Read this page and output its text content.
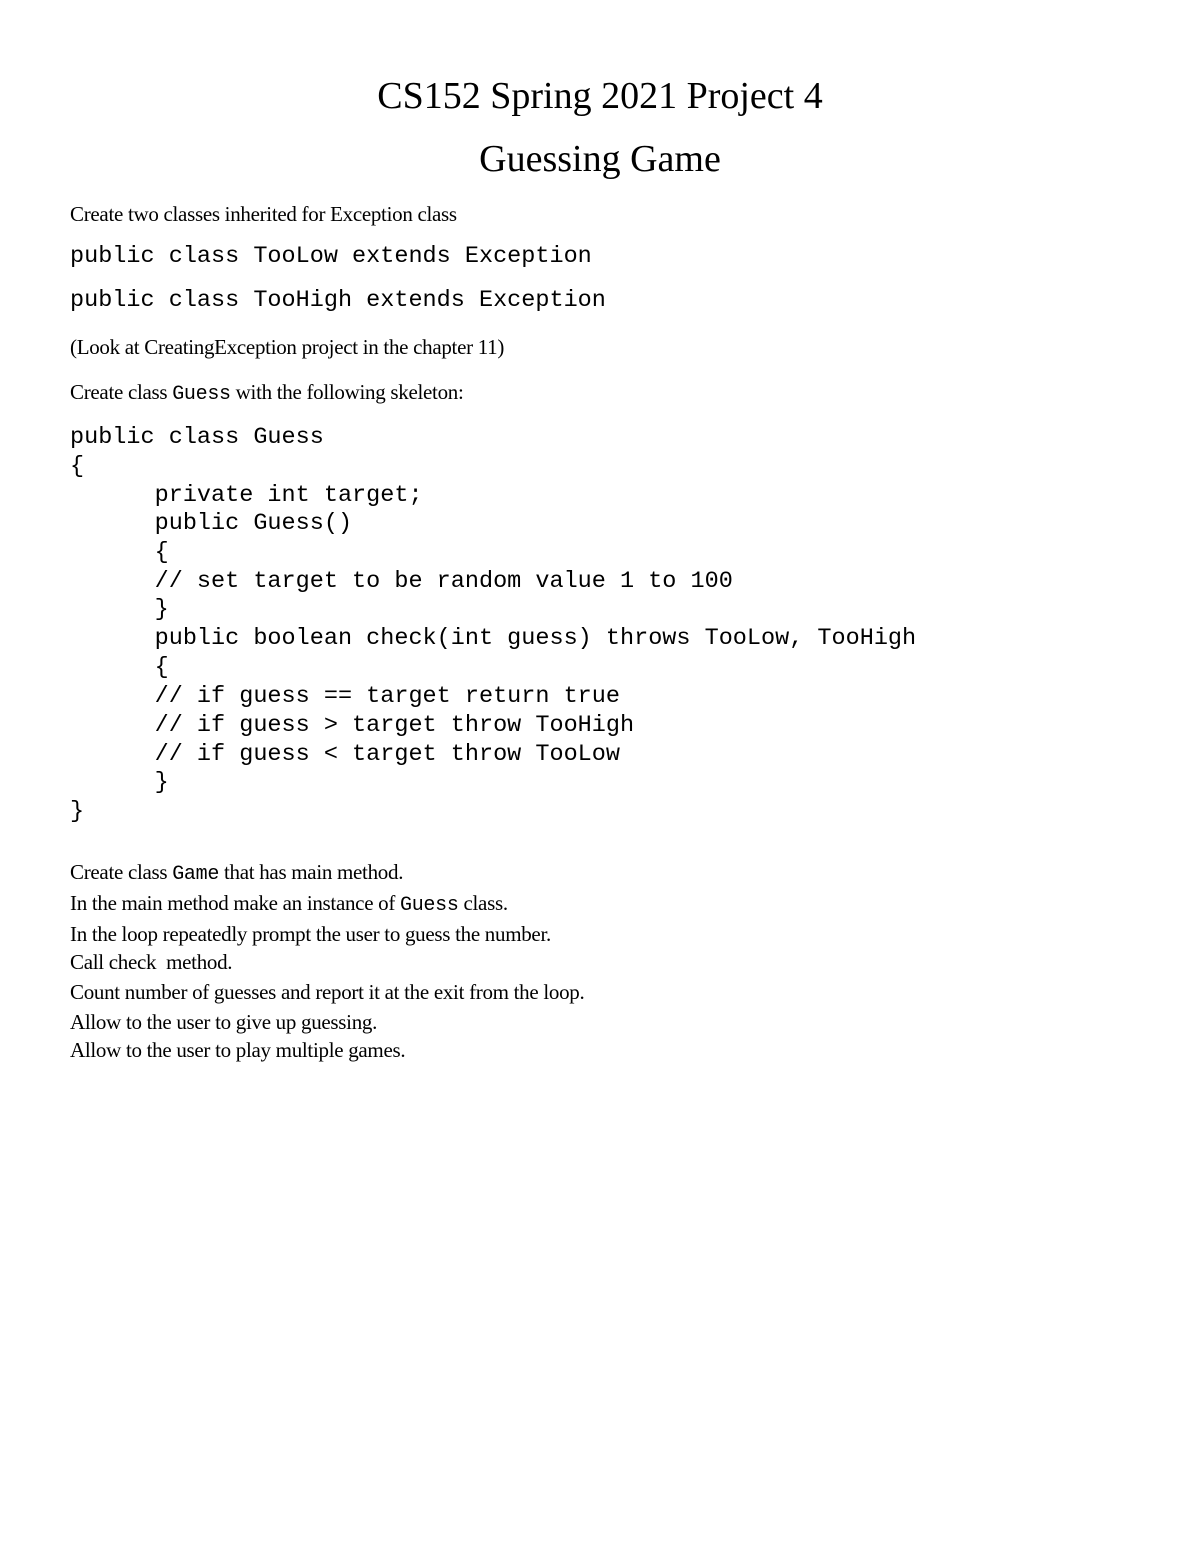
CS152 Spring 2021 Project 4
Guessing Game

Create two classes inherited for Exception class

public class TooLow extends Exception

public class TooHigh extends Exception

(Look at CreatingException project in the chapter 11)

Create class Guess with the following skeleton:

public class Guess

{

private int target;

public Guess()

{

// set target to be random value 1 to 100

}

public boolean check(int guess) throws TooLow, TooHigh

{

// if guess == target return true

// if guess > target throw TooHigh

// if guess < target throw TooLow

}

}

Create class Game that has main method.

In the main method make an instance of Guess class.

In the loop repeatedly prompt the user to guess the number.

Call check  method.

Count number of guesses and report it at the exit from the loop.

Allow to the user to give up guessing.

Allow to the user to play multiple games.
